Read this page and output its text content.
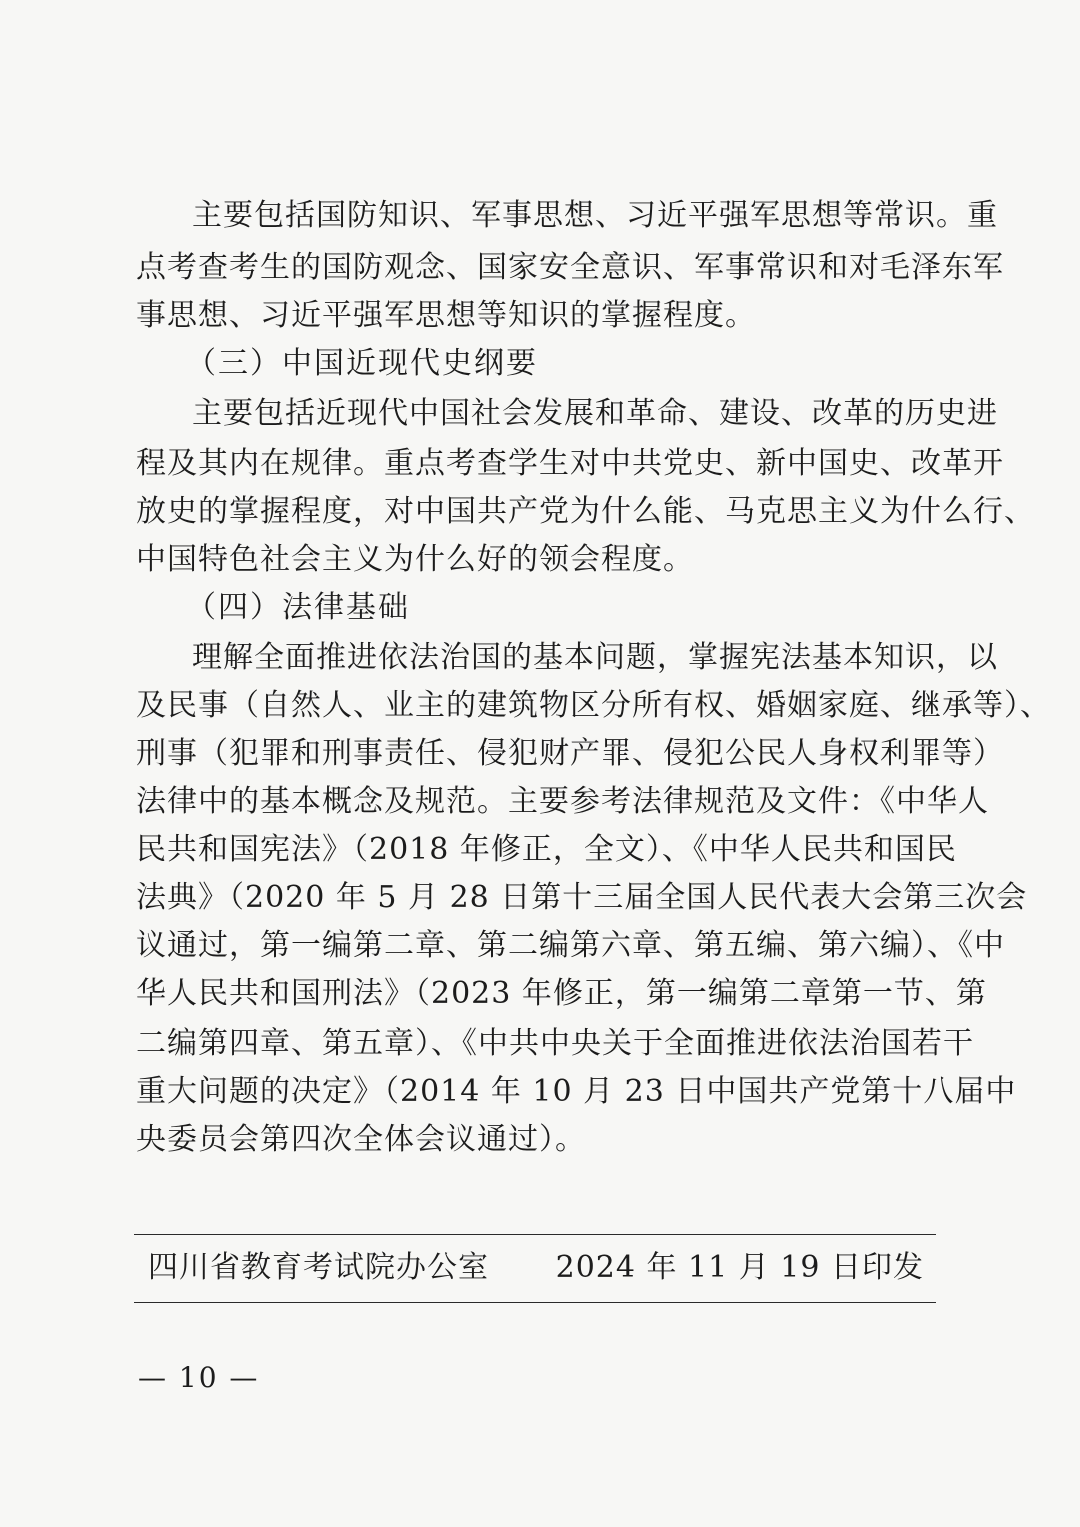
主要包括国防知识、军事思想、习近平强军思想等常识。重
点考查考生的国防观念、国家安全意识、军事常识和对毛泽东军
事思想、习近平强军思想等知识的掌握程度。
（三）中国近现代史纲要
主要包括近现代中国社会发展和革命、建设、改革的历史进
程及其内在规律。重点考查学生对中共党史、新中国史、改革开
放史的掌握程度，对中国共产党为什么能、马克思主义为什么行、
中国特色社会主义为什么好的领会程度。
（四）法律基础
理解全面推进依法治国的基本问题，掌握宪法基本知识，以
及民事（自然人、业主的建筑物区分所有权、婚姻家庭、继承等）、
刑事（犯罪和刑事责任、侵犯财产罪、侵犯公民人身权利罪等）
法律中的基本概念及规范。主要参考法律规范及文件：《中华人
民共和国宪法》（2018 年修正，全文）、《中华人民共和国民
法典》（2020 年 5 月 28 日第十三届全国人民代表大会第三次会
议通过，第一编第二章、第二编第六章、第五编、第六编）、《中
华人民共和国刑法》（2023 年修正，第一编第二章第一节、第
二编第四章、第五章）、《中共中央关于全面推进依法治国若干
重大问题的决定》（2014 年 10 月 23 日中国共产党第十八届中
央委员会第四次全体会议通过）。
四川省教育考试院办公室 2024 年 11 月 19 日印发
— 10 —
